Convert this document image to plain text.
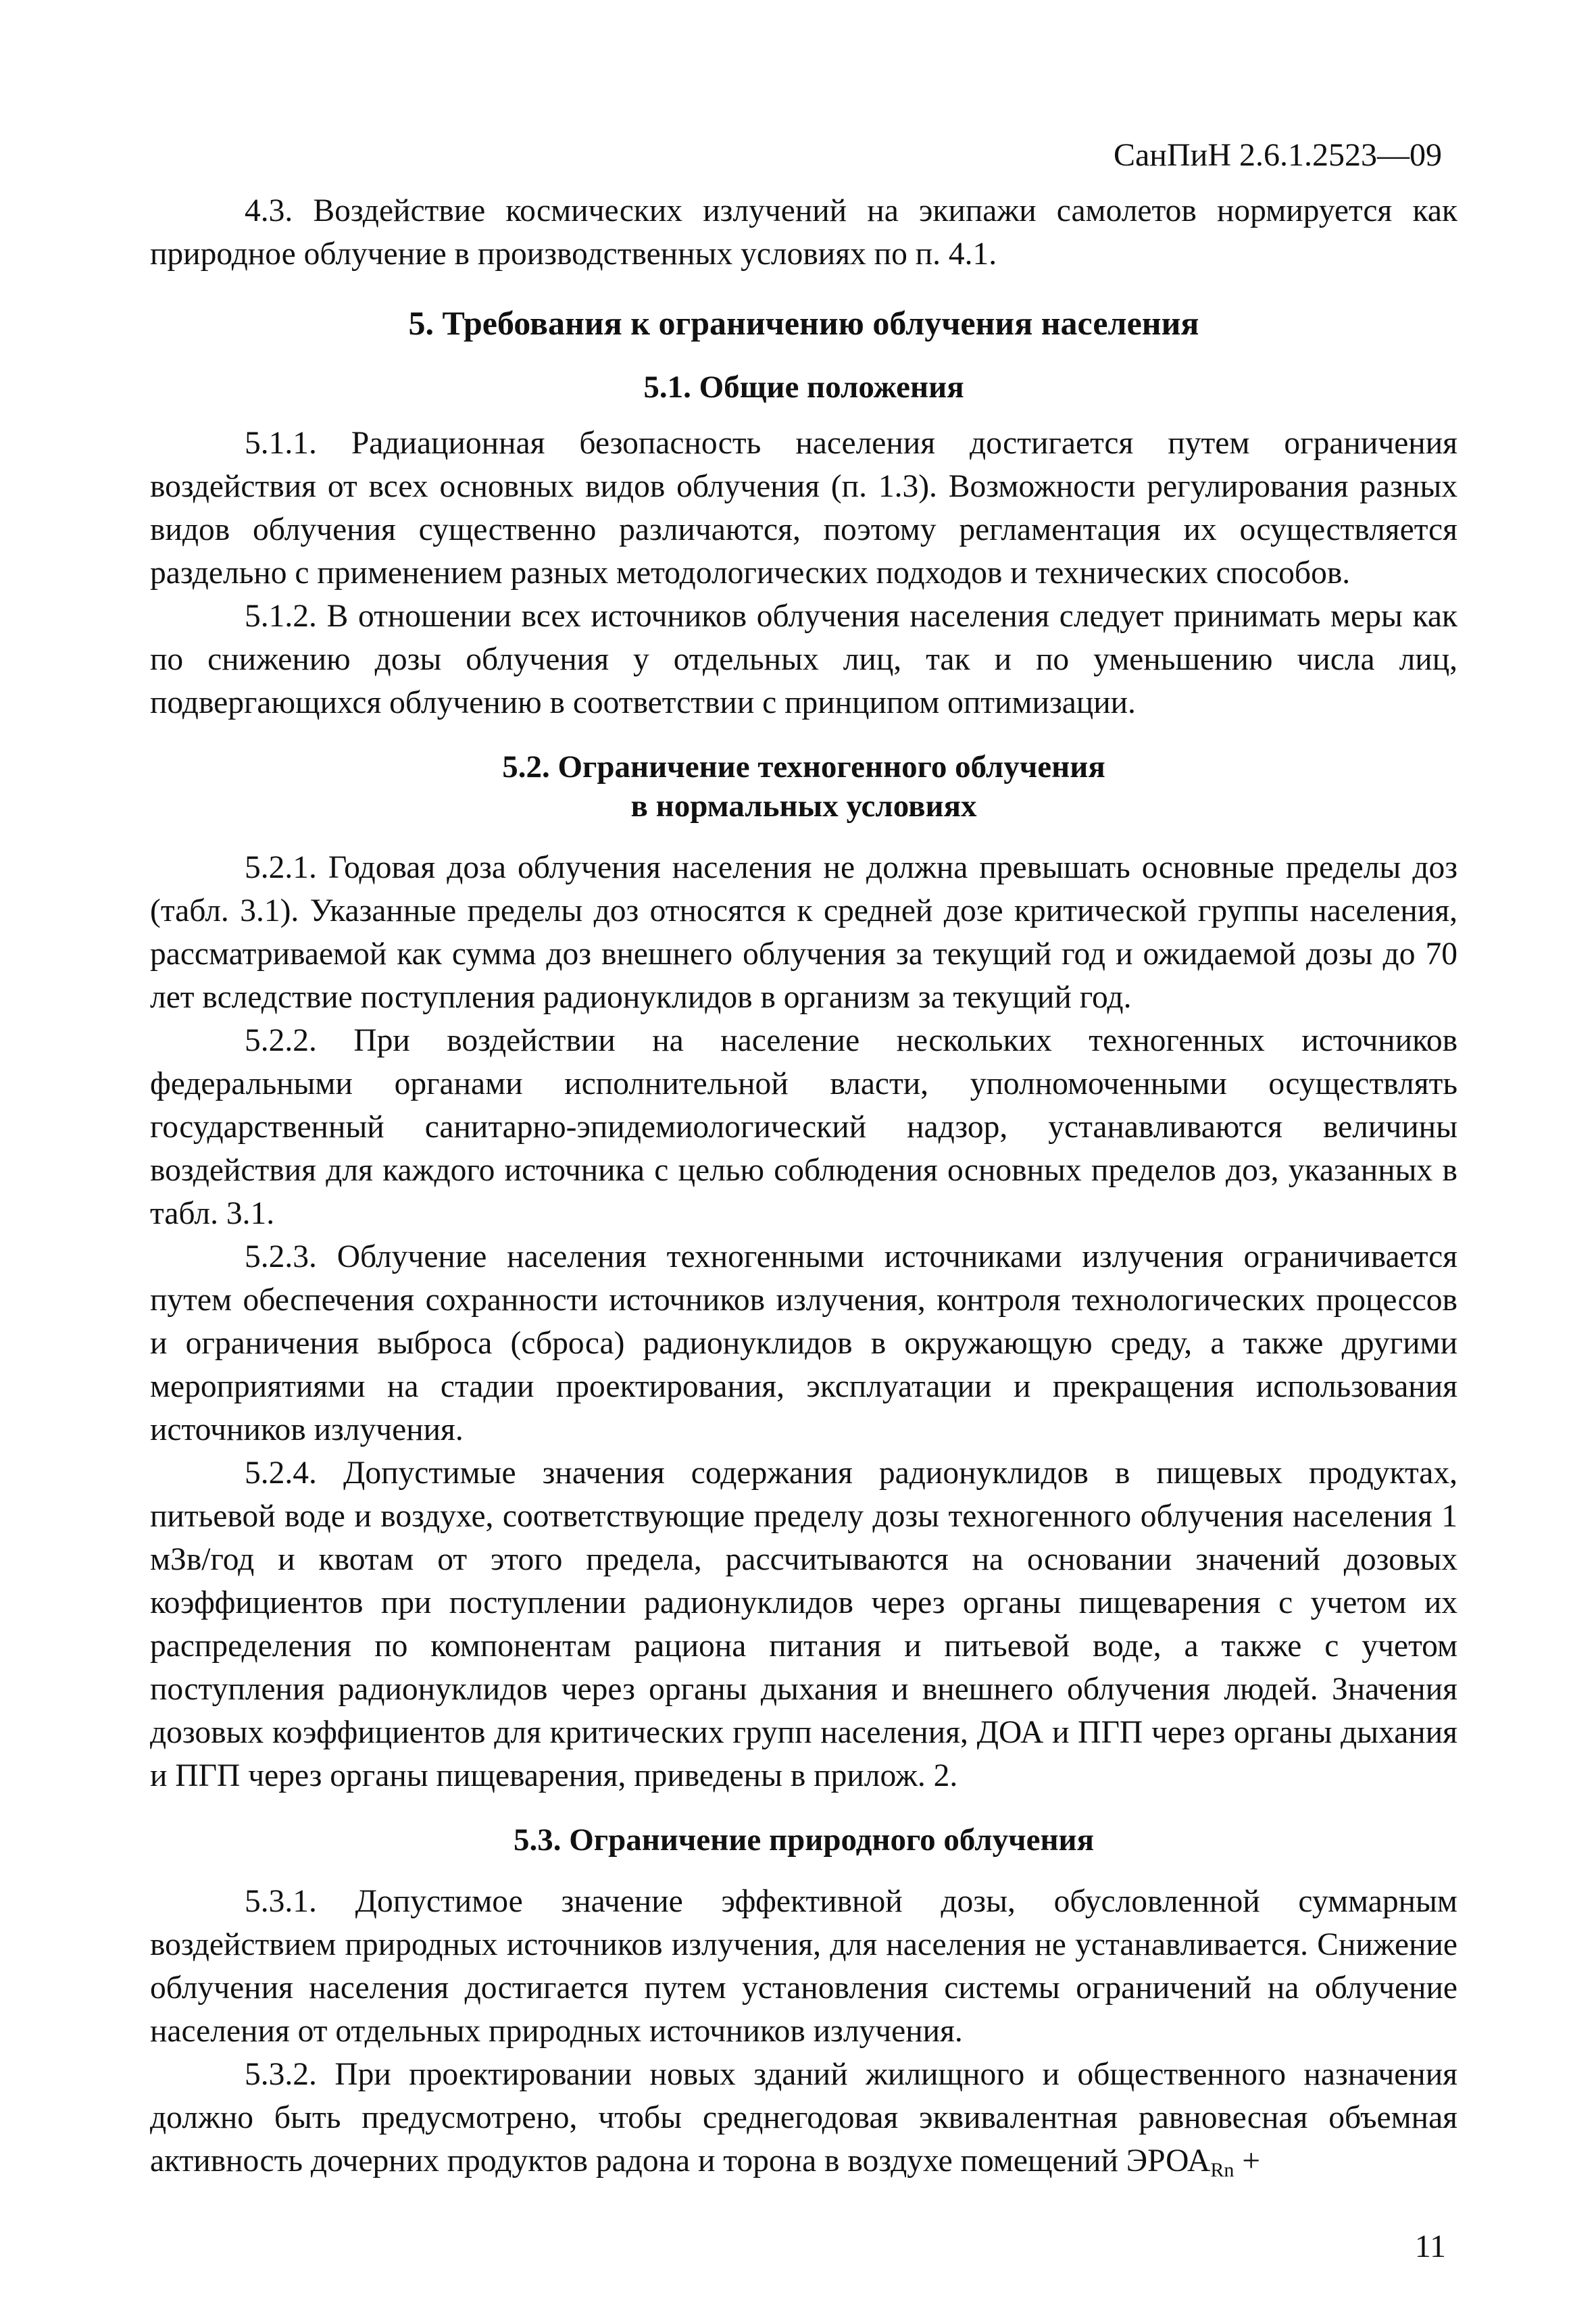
СанПиН 2.6.1.2523—09

4.3. Воздействие космических излучений на экипажи самолетов нормируется как природное облучение в производственных условиях по п. 4.1.

5. Требования к ограничению облучения населения
5.1. Общие положения

5.1.1. Радиационная безопасность населения достигается путем ограничения воздействия от всех основных видов облучения (п. 1.3). Возможности регулирования разных видов облучения существенно различаются, поэтому регламентация их осуществляется раздельно с применением разных методологических подходов и технических способов.

5.1.2. В отношении всех источников облучения населения следует принимать меры как по снижению дозы облучения у отдельных лиц, так и по уменьшению числа лиц, подвергающихся облучению в соответствии с принципом оптимизации.

5.2. Ограничение техногенного облучения
в нормальных условиях

5.2.1. Годовая доза облучения населения не должна превышать основные пределы доз (табл. 3.1). Указанные пределы доз относятся к средней дозе критической группы населения, рассматриваемой как сумма доз внешнего облучения за текущий год и ожидаемой дозы до 70 лет вследствие поступления радионуклидов в организм за текущий год.

5.2.2. При воздействии на население нескольких техногенных источников федеральными органами исполнительной власти, уполномоченными осуществлять государственный санитарно-эпидемиологический надзор, устанавливаются величины воздействия для каждого источника с целью соблюдения основных пределов доз, указанных в табл. 3.1.

5.2.3. Облучение населения техногенными источниками излучения ограничивается путем обеспечения сохранности источников излучения, контроля технологических процессов и ограничения выброса (сброса) радионуклидов в окружающую среду, а также другими мероприятиями на стадии проектирования, эксплуатации и прекращения использования источников излучения.

5.2.4. Допустимые значения содержания радионуклидов в пищевых продуктах, питьевой воде и воздухе, соответствующие пределу дозы техногенного облучения населения 1 мЗв/год и квотам от этого предела, рассчитываются на основании значений дозовых коэффициентов при поступлении радионуклидов через органы пищеварения с учетом их распределения по компонентам рациона питания и питьевой воде, а также с учетом поступления радионуклидов через органы дыхания и внешнего облучения людей. Значения дозовых коэффициентов для критических групп населения, ДОА и ПГП через органы дыхания и ПГП через органы пищеварения, приведены в прилож. 2.

5.3. Ограничение природного облучения

5.3.1. Допустимое значение эффективной дозы, обусловленной суммарным воздействием природных источников излучения, для населения не устанавливается. Снижение облучения населения достигается путем установления системы ограничений на облучение населения от отдельных природных источников излучения.

5.3.2. При проектировании новых зданий жилищного и общественного назначения должно быть предусмотрено, чтобы среднегодовая эквивалентная равновесная объемная активность дочерних продуктов радона и торона в воздухе помещений $ЭРОА_{Rn}$ +

11
